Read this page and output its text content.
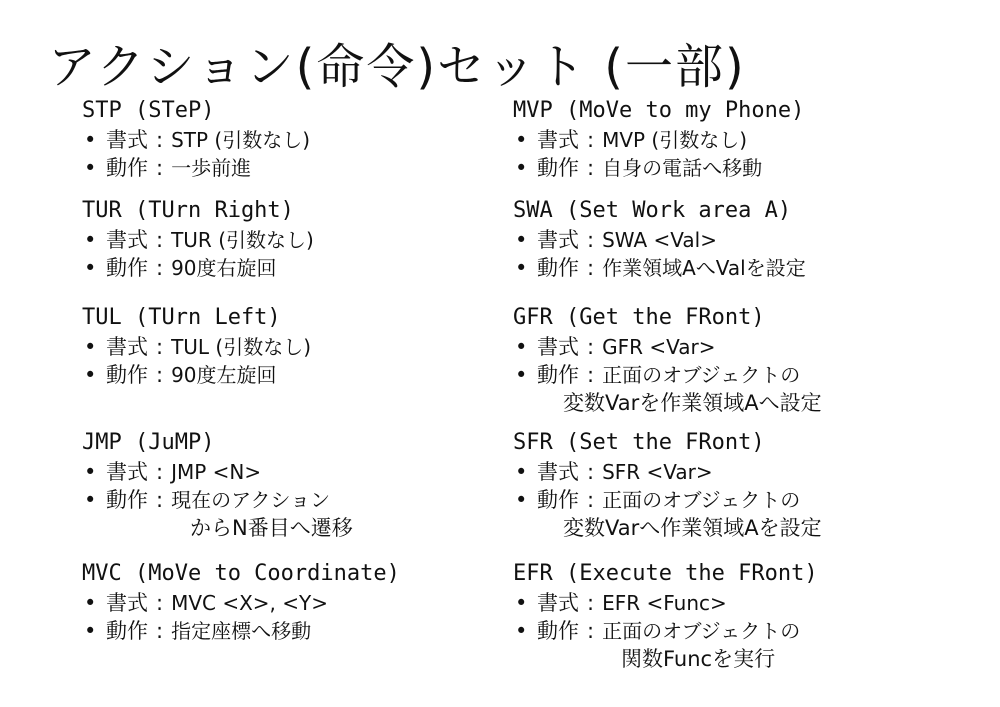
アクション(命令)セット (一部)
STP (STeP)
• 書式 : STP (引数なし)
• 動作 : 一歩前進
TUR (TUrn Right)
• 書式 : TUR (引数なし)
• 動作 : 90度右旋回
TUL (TUrn Left)
• 書式 : TUL (引数なし)
• 動作 : 90度左旋回
JMP (JuMP)
• 書式 : JMP <N>
• 動作 : 現在のアクション
からN番目へ遷移
MVC (MoVe to Coordinate)
• 書式 : MVC <X>, <Y>
• 動作 : 指定座標へ移動
MVP (MoVe to my Phone)
• 書式 : MVP (引数なし)
• 動作 : 自身の電話へ移動
SWA (Set Work area A)
• 書式 : SWA <Val>
• 動作 : 作業領域AへValを設定
GFR (Get the FRont)
• 書式 : GFR <Var>
• 動作 : 正面のオブジェクトの
変数Varを作業領域Aへ設定
SFR (Set the FRont)
• 書式 : SFR <Var>
• 動作 : 正面のオブジェクトの
変数Varへ作業領域Aを設定
EFR (Execute the FRont)
• 書式 : EFR <Func>
• 動作 : 正面のオブジェクトの
関数Funcを実行
